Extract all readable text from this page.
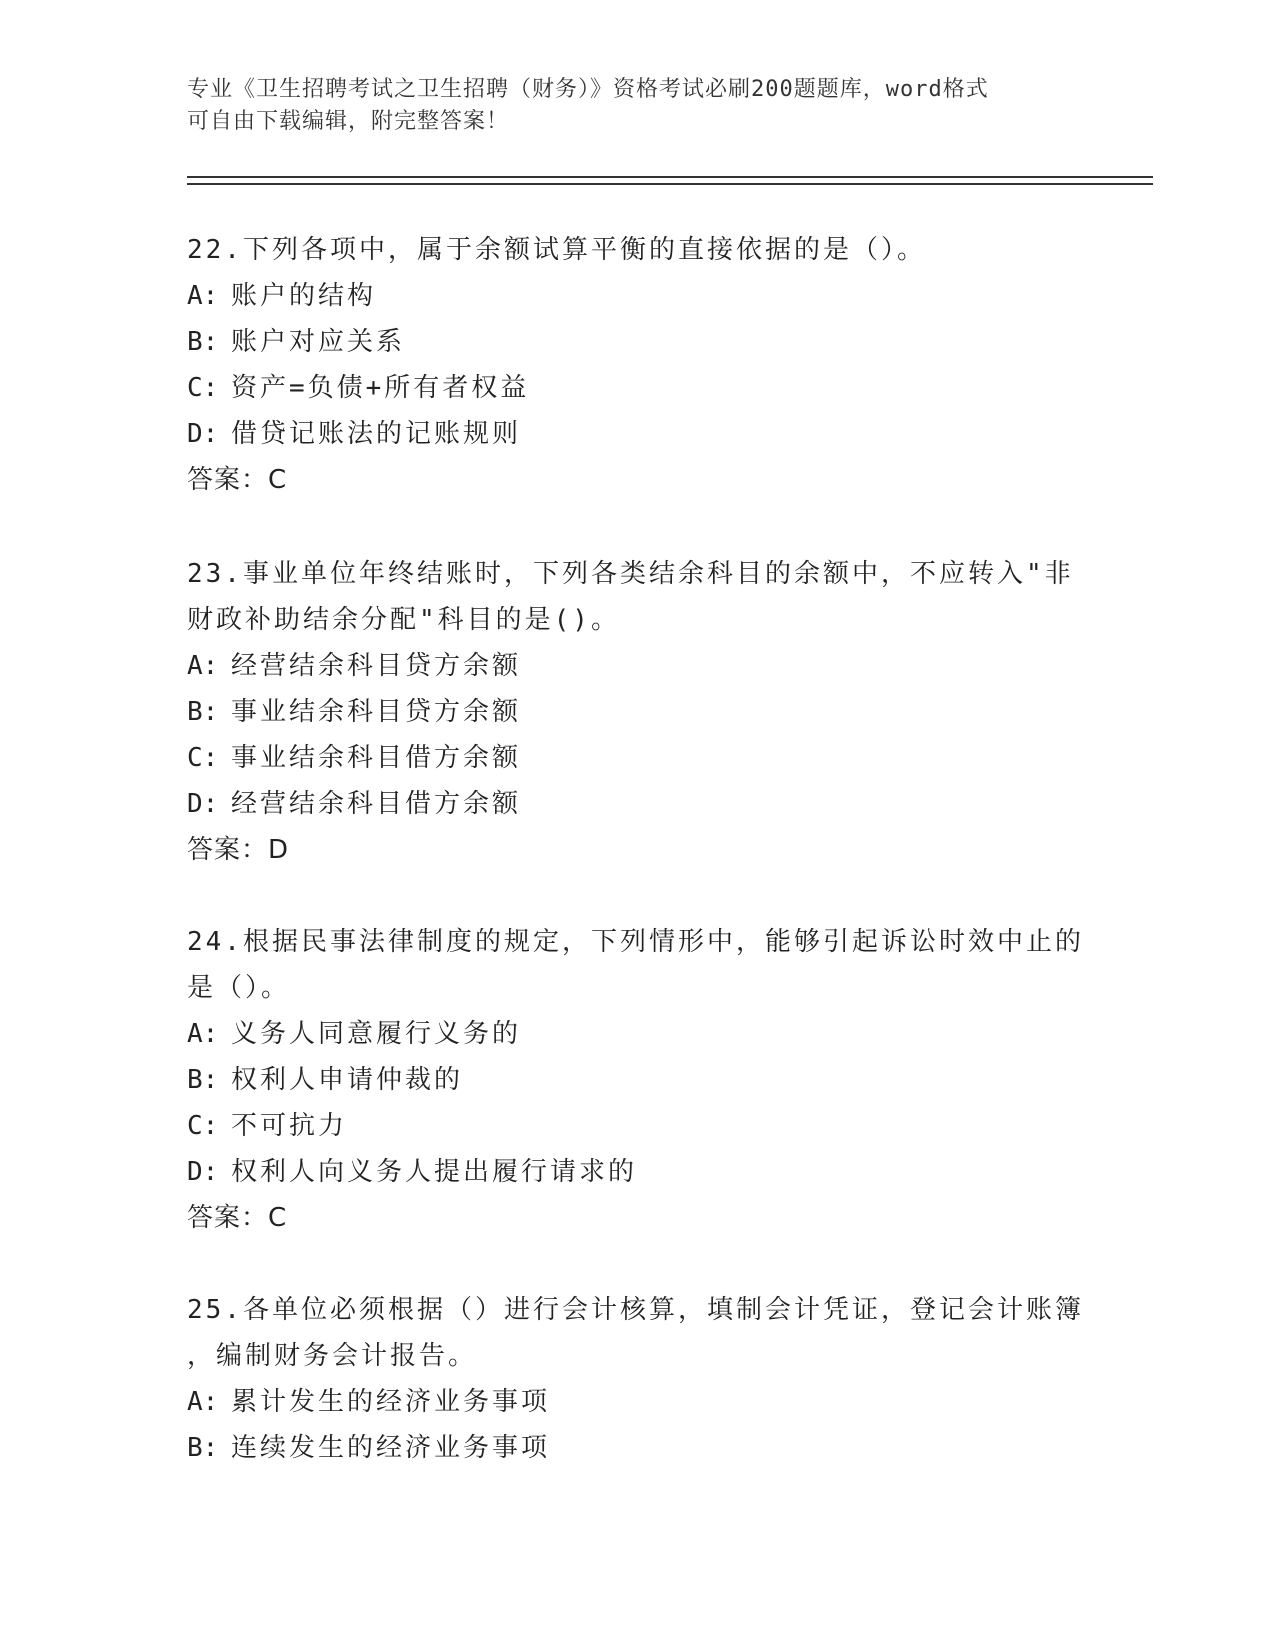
专业《卫生招聘考试之卫生招聘（财务）》资格考试必刷200题题库，word格式
可自由下载编辑，附完整答案！

22.下列各项中，属于余额试算平衡的直接依据的是（）。

A: 账户的结构

B: 账户对应关系

C: 资产=负债+所有者权益

D: 借贷记账法的记账规则

答案：C

23.事业单位年终结账时，下列各类结余科目的余额中，不应转入"非

财政补助结余分配"科目的是()。

A: 经营结余科目贷方余额

B: 事业结余科目贷方余额

C: 事业结余科目借方余额

D: 经营结余科目借方余额

答案：D

24.根据民事法律制度的规定，下列情形中，能够引起诉讼时效中止的

是（）。

A: 义务人同意履行义务的

B: 权利人申请仲裁的

C: 不可抗力

D: 权利人向义务人提出履行请求的

答案：C

25.各单位必须根据（）进行会计核算，填制会计凭证，登记会计账簿

，编制财务会计报告。

A: 累计发生的经济业务事项

B: 连续发生的经济业务事项
